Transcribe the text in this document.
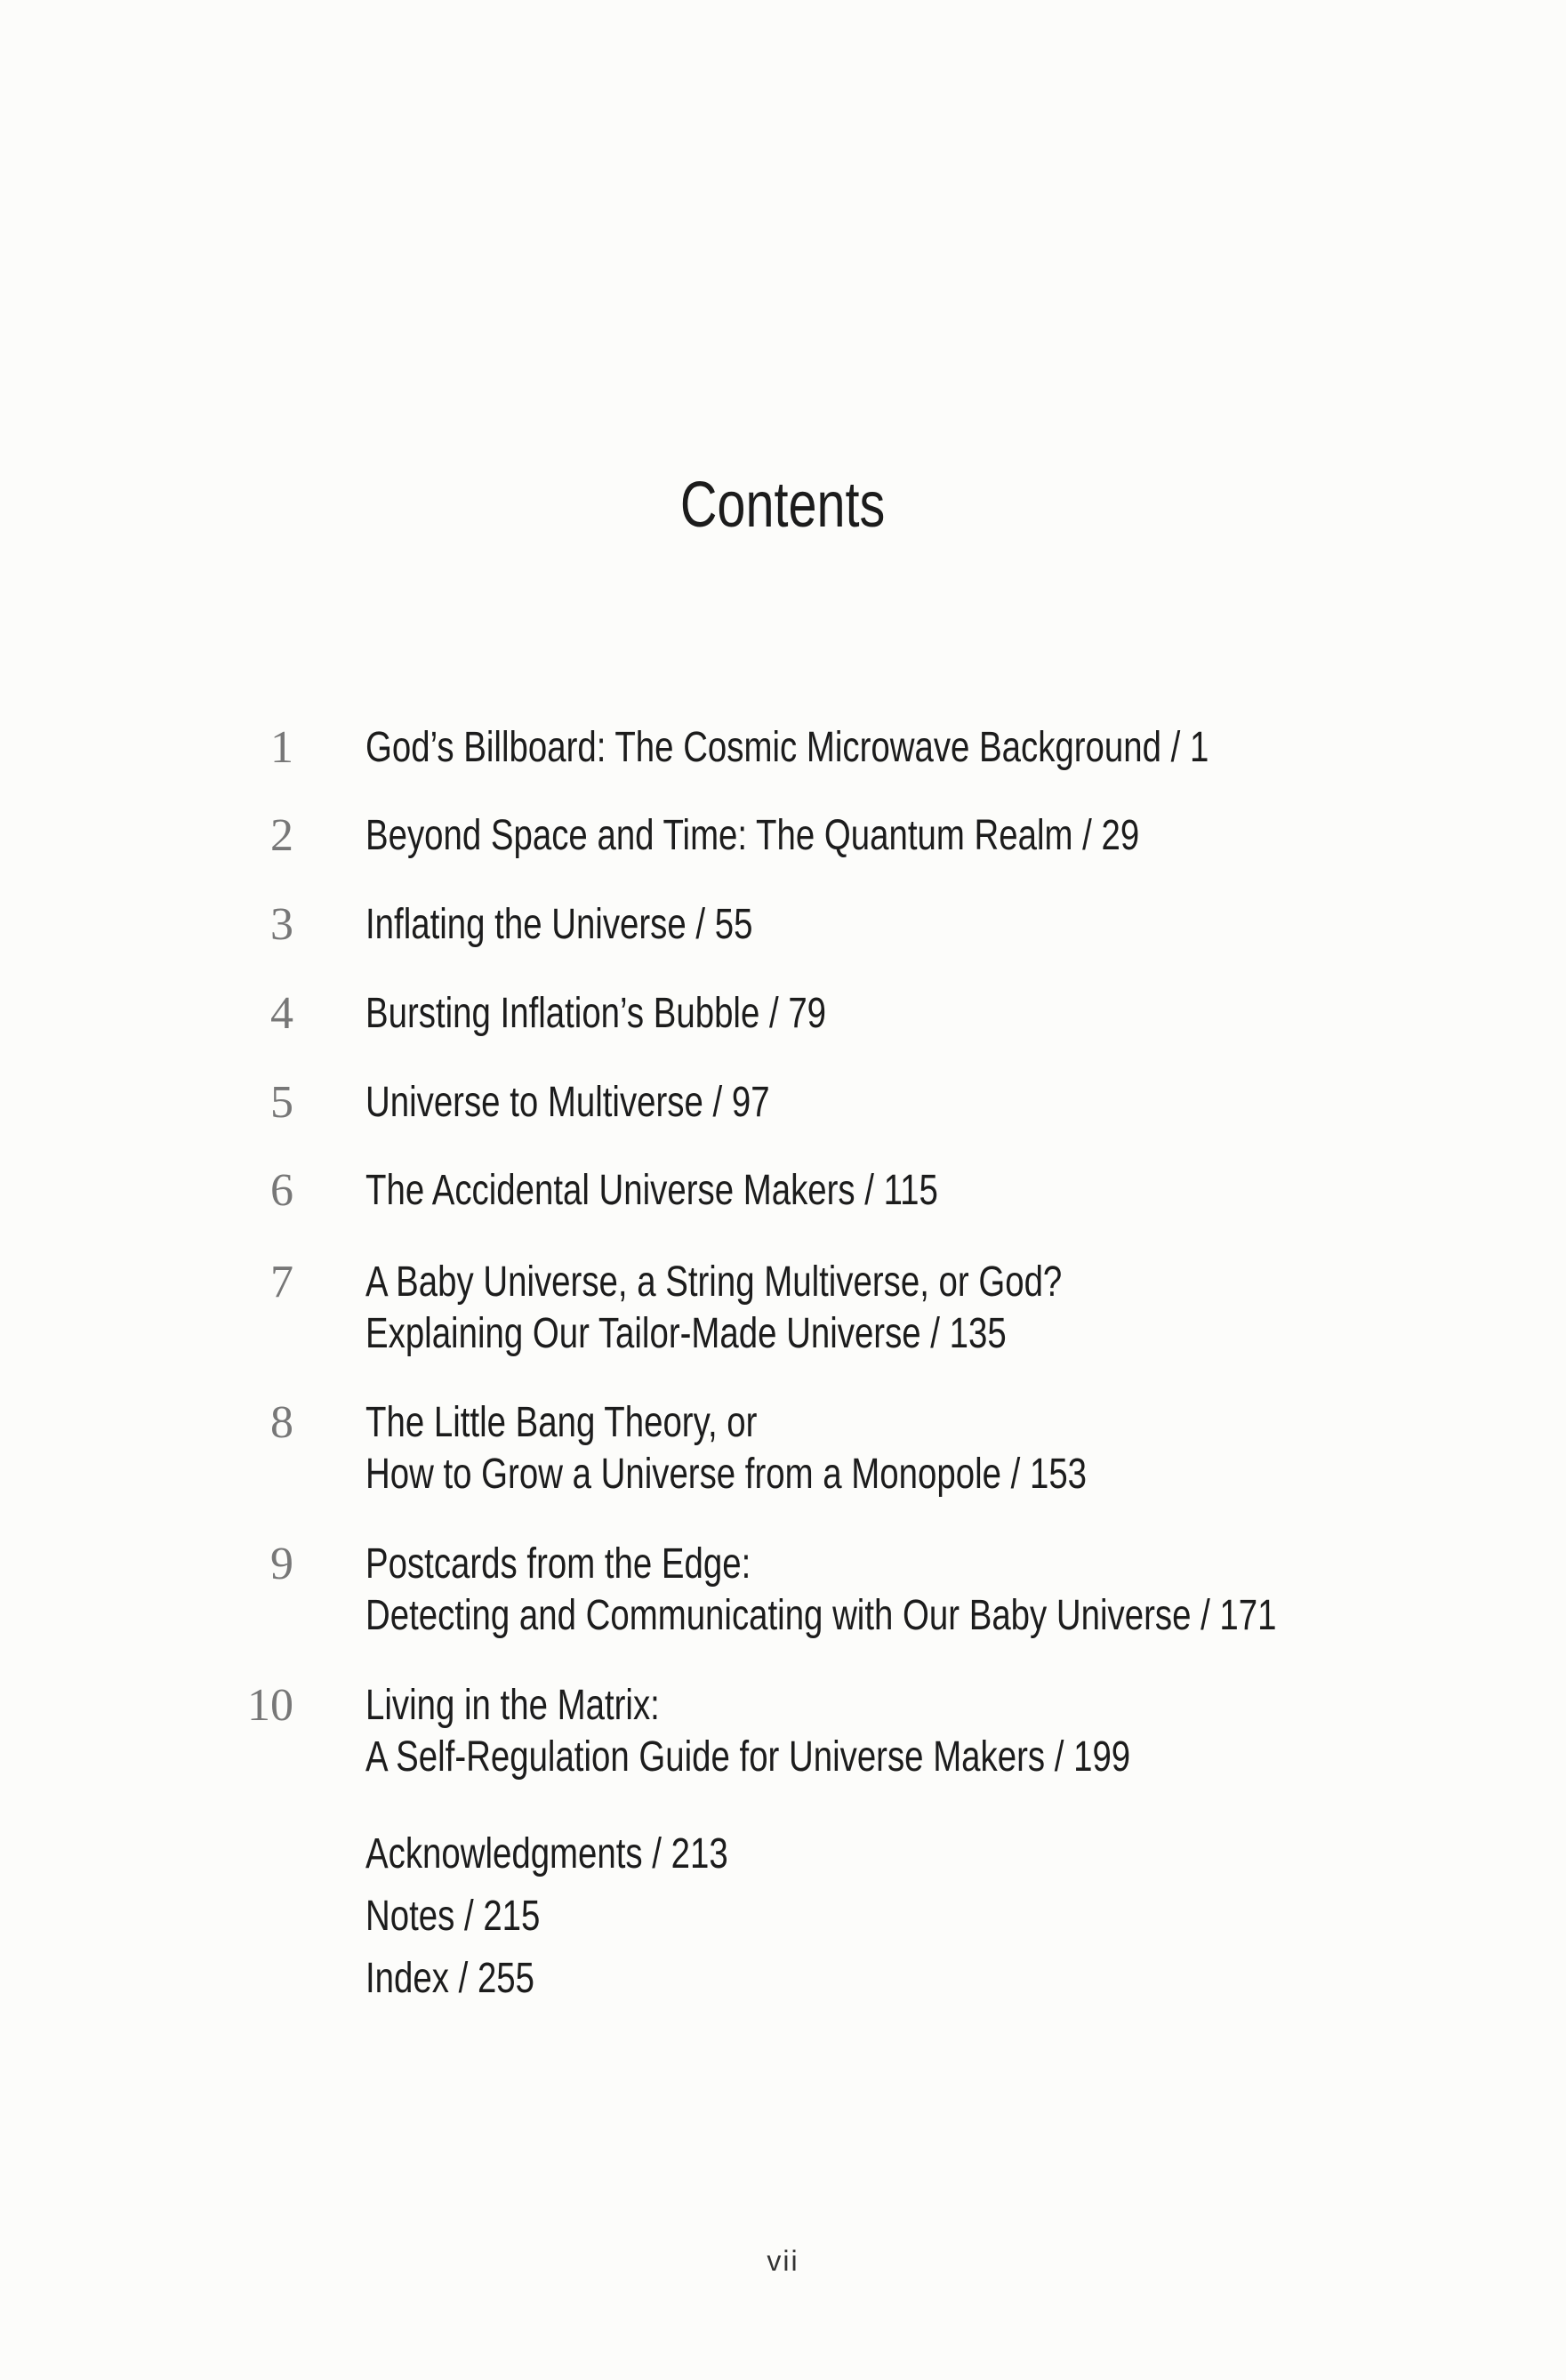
Contents
1 God’s Billboard: The Cosmic Microwave Background / 1
2 Beyond Space and Time: The Quantum Realm / 29
3 Inflating the Universe / 55
4 Bursting Inflation’s Bubble / 79
5 Universe to Multiverse / 97
6 The Accidental Universe Makers / 115
7 A Baby Universe, a String Multiverse, or God?
Explaining Our Tailor-Made Universe / 135
8 The Little Bang Theory, or
How to Grow a Universe from a Monopole / 153
9 Postcards from the Edge:
Detecting and Communicating with Our Baby Universe / 171
10 Living in the Matrix:
A Self-Regulation Guide for Universe Makers / 199
Acknowledgments / 213
Notes / 215
Index / 255
vii
